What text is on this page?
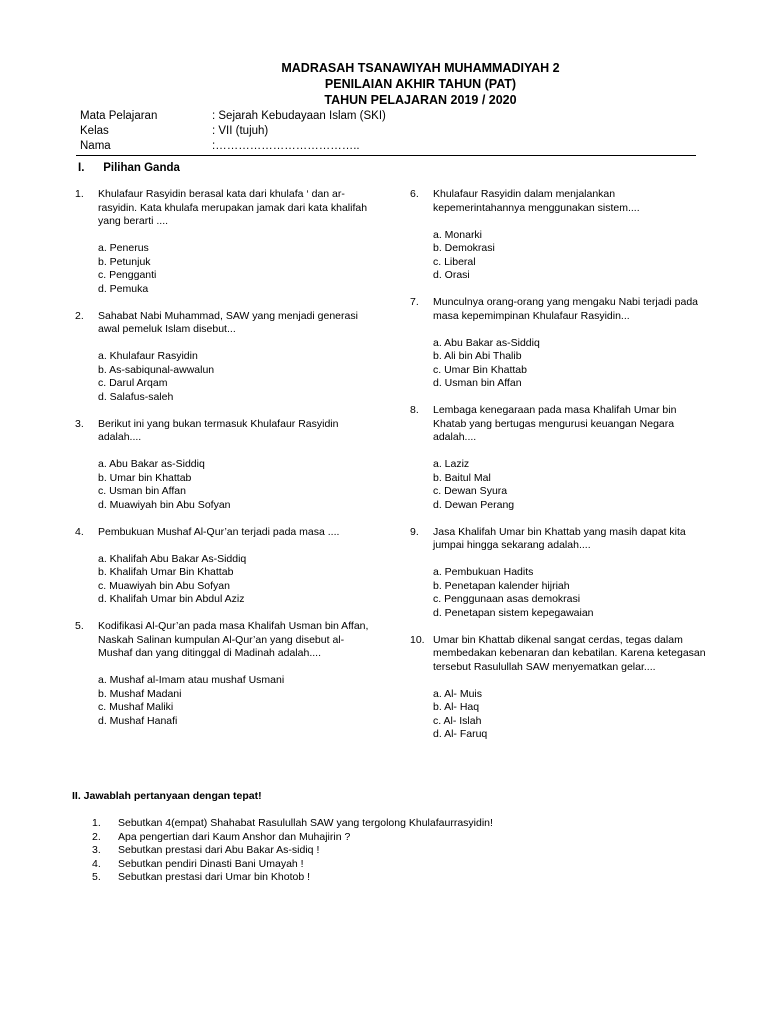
MADRASAH TSANAWIYAH MUHAMMADIYAH 2
PENILAIAN AKHIR TAHUN (PAT)
TAHUN PELAJARAN 2019 / 2020
Mata Pelajaran	: Sejarah Kebudayaan Islam (SKI)
Kelas	: VII (tujuh)
Nama	:………………………………..
I. Pilihan Ganda
1. Khulafaur Rasyidin berasal kata dari khulafa ‘ dan ar-rasyidin. Kata khulafa merupakan jamak dari kata khalifah yang berarti ....
a. Penerus
b. Petunjuk
c. Pengganti
d. Pemuka
2. Sahabat Nabi Muhammad, SAW yang menjadi generasi awal pemeluk Islam disebut...
a. Khulafaur Rasyidin
b. As-sabiqunal-awwalun
c. Darul Arqam
d. Salafus-saleh
3. Berikut ini yang bukan termasuk Khulafaur Rasyidin adalah....
a. Abu Bakar as-Siddiq
b. Umar bin Khattab
c. Usman bin Affan
d. Muawiyah bin Abu Sofyan
4. Pembukuan Mushaf Al-Qur’an terjadi pada masa ....
a. Khalifah Abu Bakar As-Siddiq
b. Khalifah Umar Bin Khattab
c. Muawiyah bin Abu Sofyan
d. Khalifah Umar bin Abdul Aziz
5. Kodifikasi Al-Qur’an pada masa Khalifah Usman bin Affan, Naskah Salinan kumpulan Al-Qur’an yang disebut al-Mushaf dan yang ditinggal di Madinah adalah....
a. Mushaf al-Imam atau mushaf Usmani
b. Mushaf Madani
c. Mushaf Maliki
d. Mushaf Hanafi
6. Khulafaur Rasyidin dalam menjalankan kepemerintahannya menggunakan sistem....
a. Monarki
b. Demokrasi
c. Liberal
d. Orasi
7. Munculnya orang-orang yang mengaku Nabi terjadi pada masa kepemimpinan Khulafaur Rasyidin...
a. Abu Bakar as-Siddiq
b. Ali bin Abi Thalib
c. Umar Bin Khattab
d. Usman bin Affan
8. Lembaga kenegaraan pada masa Khalifah Umar bin Khatab yang bertugas mengurusi keuangan Negara adalah....
a. Laziz
b. Baitul Mal
c. Dewan Syura
d. Dewan Perang
9. Jasa Khalifah Umar bin Khattab yang masih dapat kita jumpai hingga sekarang adalah....
a. Pembukuan Hadits
b. Penetapan kalender hijriah
c. Penggunaan asas demokrasi
d. Penetapan sistem kepegawaian
10. Umar bin Khattab dikenal sangat cerdas, tegas dalam membedakan kebenaran dan kebatilan. Karena ketegasan tersebut Rasulullah SAW menyematkan gelar....
a. Al- Muis
b. Al- Haq
c. Al- Islah
d. Al- Faruq
II. Jawablah pertanyaan dengan tepat!
1. Sebutkan 4(empat) Shahabat Rasulullah SAW yang tergolong Khulafaurrasyidin!
2. Apa pengertian dari Kaum Anshor dan Muhajirin ?
3. Sebutkan prestasi dari Abu Bakar As-sidiq !
4. Sebutkan pendiri Dinasti Bani Umayah !
5. Sebutkan prestasi dari Umar bin Khotob !
